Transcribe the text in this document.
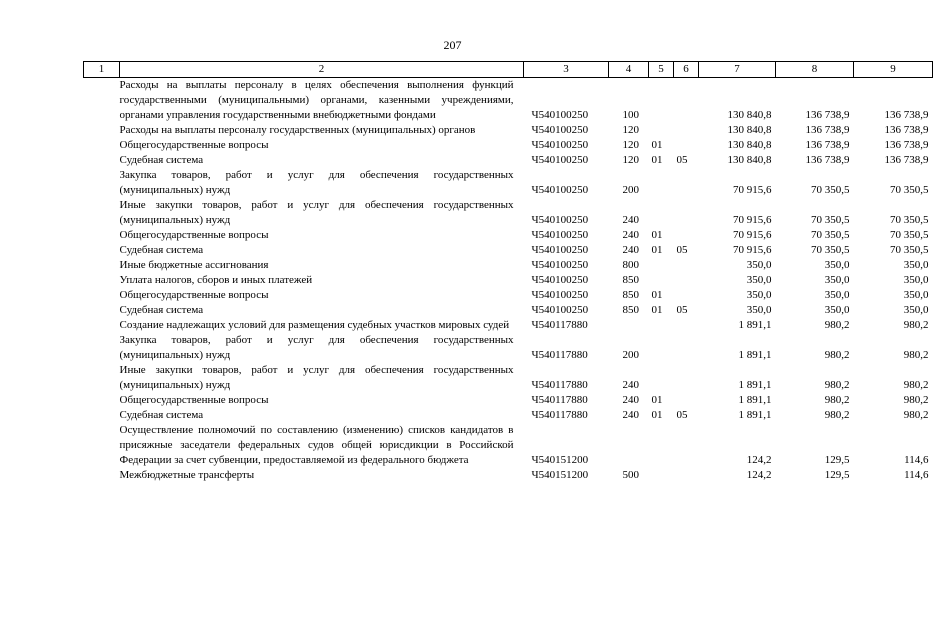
207
1	2	3	4	5	6	7	8	9
	Расходы на выплаты персоналу в целях обеспечения выполнения функций государственными (муниципальными) органами, казенными учреждениями, органами управления государственными внебюджетными фондами	Ч540100250	100			130 840,8	136 738,9	136 738,9
	Расходы на выплаты персоналу государственных (муниципальных) органов	Ч540100250	120			130 840,8	136 738,9	136 738,9
	Общегосударственные вопросы	Ч540100250	120	01		130 840,8	136 738,9	136 738,9
	Судебная система	Ч540100250	120	01	05	130 840,8	136 738,9	136 738,9
	Закупка товаров, работ и услуг для обеспечения государственных (муниципальных) нужд	Ч540100250	200			70 915,6	70 350,5	70 350,5
	Иные закупки товаров, работ и услуг для обеспечения государственных (муниципальных) нужд	Ч540100250	240			70 915,6	70 350,5	70 350,5
	Общегосударственные вопросы	Ч540100250	240	01		70 915,6	70 350,5	70 350,5
	Судебная система	Ч540100250	240	01	05	70 915,6	70 350,5	70 350,5
	Иные бюджетные ассигнования	Ч540100250	800			350,0	350,0	350,0
	Уплата налогов, сборов и иных платежей	Ч540100250	850			350,0	350,0	350,0
	Общегосударственные вопросы	Ч540100250	850	01		350,0	350,0	350,0
	Судебная система	Ч540100250	850	01	05	350,0	350,0	350,0
	Создание надлежащих условий для размещения судебных участков мировых судей	Ч540117880				1 891,1	980,2	980,2
	Закупка товаров, работ и услуг для обеспечения государственных (муниципальных) нужд	Ч540117880	200			1 891,1	980,2	980,2
	Иные закупки товаров, работ и услуг для обеспечения государственных (муниципальных) нужд	Ч540117880	240			1 891,1	980,2	980,2
	Общегосударственные вопросы	Ч540117880	240	01		1 891,1	980,2	980,2
	Судебная система	Ч540117880	240	01	05	1 891,1	980,2	980,2
	Осуществление полномочий по составлению (изменению) списков кандидатов в присяжные заседатели федеральных судов общей юрисдикции в Российской Федерации за счет субвенции, предоставляемой из федерального бюджета	Ч540151200				124,2	129,5	114,6
	Межбюджетные трансферты	Ч540151200	500			124,2	129,5	114,6
